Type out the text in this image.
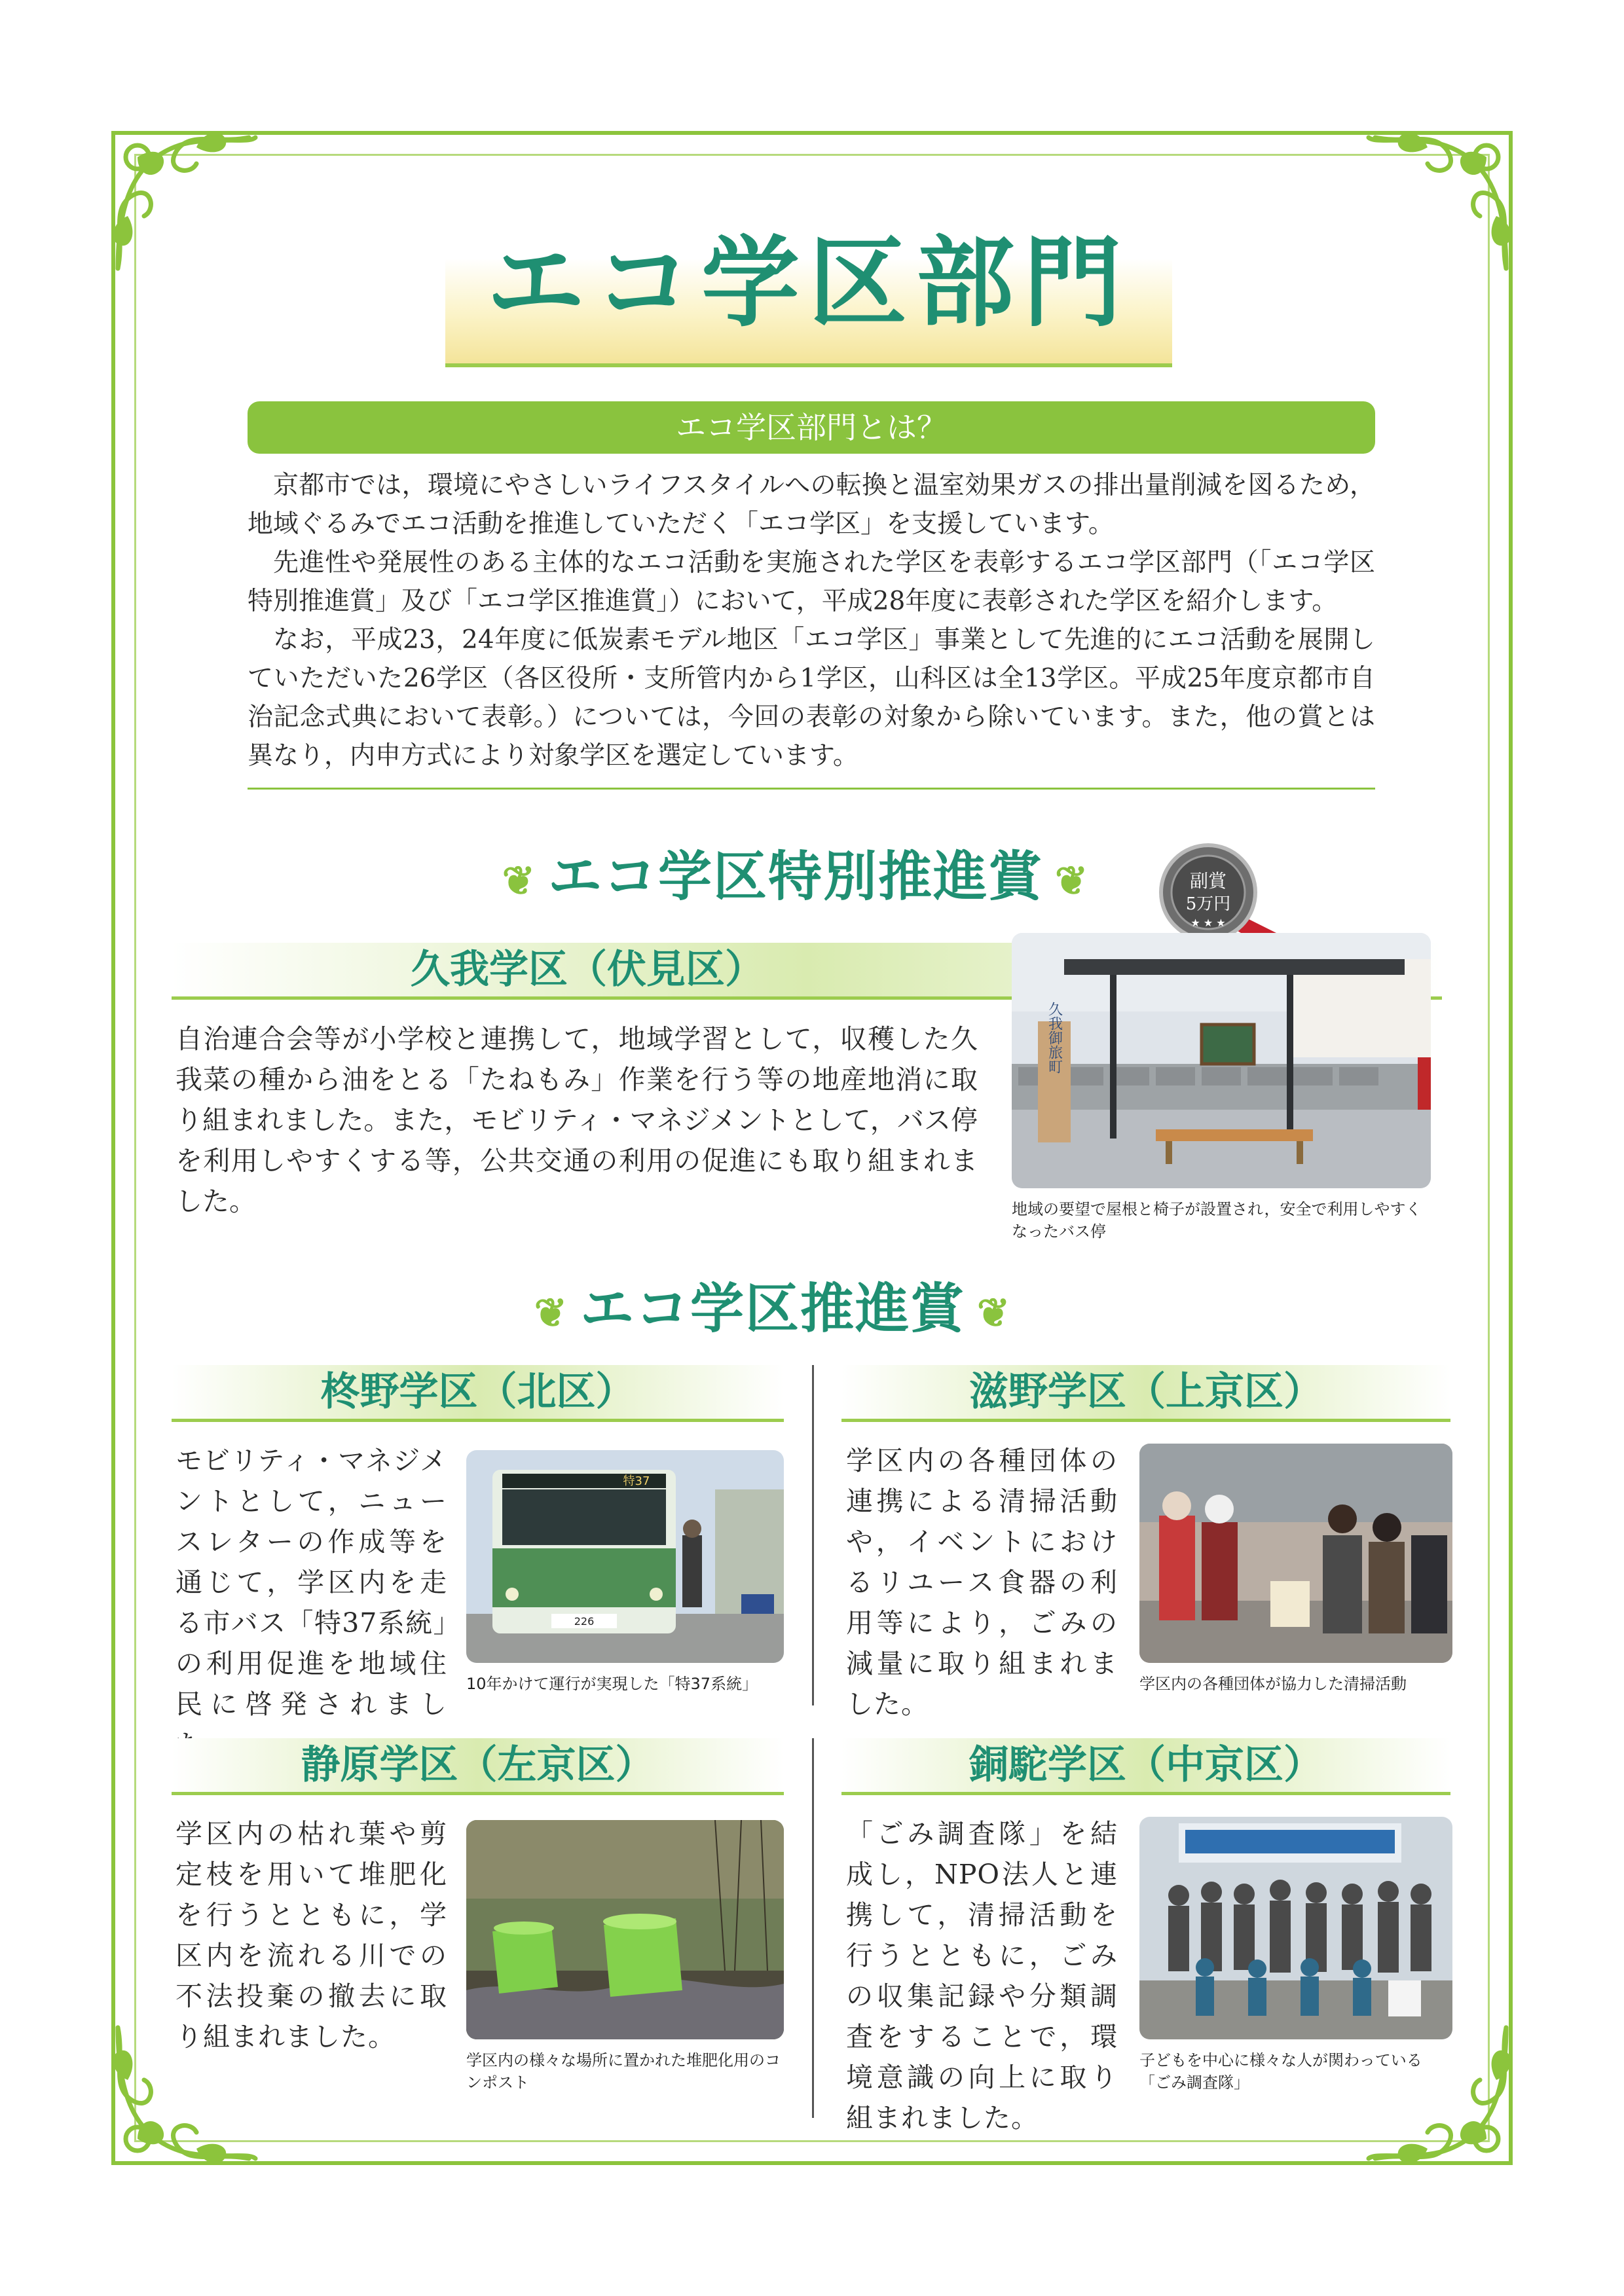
エコ学区部門
エコ学区部門とは？

京都市では，環境にやさしいライフスタイルへの転換と温室効果ガスの排出量削減を図るため，地域ぐるみでエコ活動を推進していただく「エコ学区」を支援しています。

先進性や発展性のある主体的なエコ活動を実施された学区を表彰するエコ学区部門（「エコ学区特別推進賞」及び「エコ学区推進賞」）において，平成28年度に表彰された学区を紹介します。

なお，平成23，24年度に低炭素モデル地区「エコ学区」事業として先進的にエコ活動を展開していただいた26学区（各区役所・支所管内から1学区，山科区は全13学区。平成25年度京都市自治記念式典において表彰。）については，今回の表彰の対象から除いています。また，他の賞とは異なり，内申方式により対象学区を選定しています。

❦ エコ学区特別推進賞 ❦	副賞
5万円
★ ★ ★
久我学区（伏見区）
自治連合会等が小学校と連携して，地域学習として，収穫した久我菜の種から油をとる「たねもみ」作業を行う等の地産地消に取り組まれました。また，モビリティ・マネジメントとして，バス停を利用しやすくする等，公共交通の利用の促進にも取り組まれました。
久我御旅町
地域の要望で屋根と椅子が設置され，安全で利用しやすくなったバス停
❦ エコ学区推進賞 ❦
柊野学区（北区）
モビリティ・マネジメントとして，ニュースレターの作成等を通じて，学区内を走る市バス「特37系統」の利用促進を地域住民に啓発されまし
特37
226
10年かけて運行が実現した「特37系統」
滋野学区（上京区）
学区内の各種団体の連携による清掃活動や，イベントにおけるリユース食器の利用等により，ごみの減量に取り組まれました。
学区内の各種団体が協力した清掃活動
静原学区（左京区）
学区内の枯れ葉や剪定枝を用いて堆肥化を行うとともに，学区内を流れる川での不法投棄の撤去に取り組まれました。
学区内の様々な場所に置かれた堆肥化用のコンポスト
銅駝学区（中京区）
「ごみ調査隊」を結成し，NPO法人と連携して，清掃活動を行うとともに，ごみの収集記録や分類調査をすることで，環境意識の向上に取り組まれました。
子どもを中心に様々な人が関わっている「ごみ調査隊」
